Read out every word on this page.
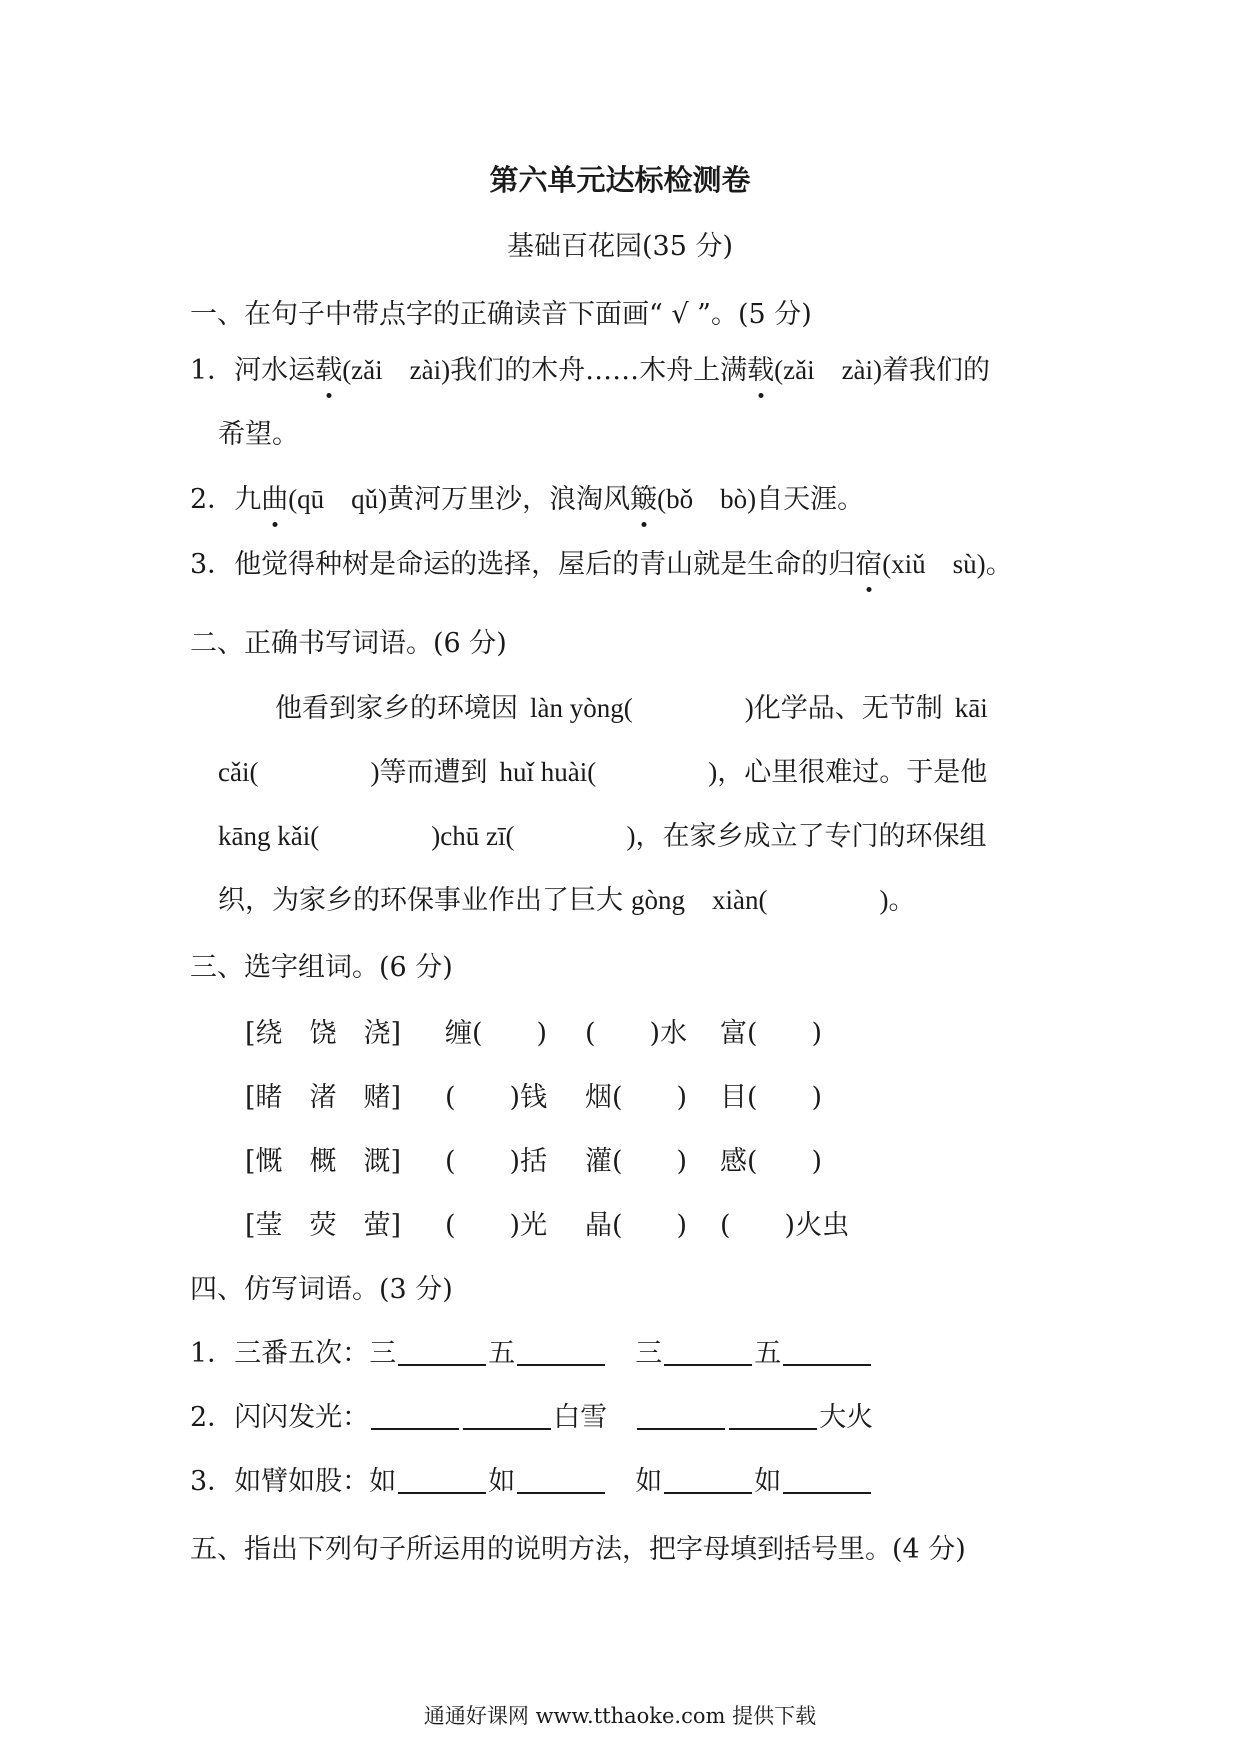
第六单元达标检测卷
基础百花园(35 分)
一、在句子中带点字的正确读音下面画“ √ ”。(5 分)
1．河水运载(zǎi　zài)我们的木舟……木舟上满载(zǎi　zài)着我们的
希望。
2．九曲(qū　qǔ)黄河万里沙，浪淘风簸(bǒ　bò)自天涯。
3．他觉得种树是命运的选择，屋后的青山就是生命的归宿(xiǔ　sù)。
二、正确书写词语。(6 分)
他看到家乡的环境因 làn yòng(	)化学品、无节制 kāi
cǎi(	)等而遭到 huǐ huài(	)，心里很难过。于是他
kāng kǎi(	)chū zī(	)，在家乡成立了专门的环保组
织，为家乡的环保事业作出了巨大 gòng　xiàn(	)。
三、选字组词。(6 分)
[绕　饶　浇] 缠(　　) (　　)水 富(　　)
[睹　渚　赌] (　　)钱 烟(　　) 目(　　)
[慨　概　溉] (　　)括 灌(　　) 感(　　)
[莹　荧　萤] (　　)光 晶(　　) (　　)火虫
四、仿写词语。(3 分)
1．三番五次：三	五	三	五
2．闪闪发光：	白雪	大火
3．如臂如股：如	如	如	如
五、指出下列句子所运用的说明方法，把字母填到括号里。(4 分)
通通好课网 www.tthaoke.com 提供下载
